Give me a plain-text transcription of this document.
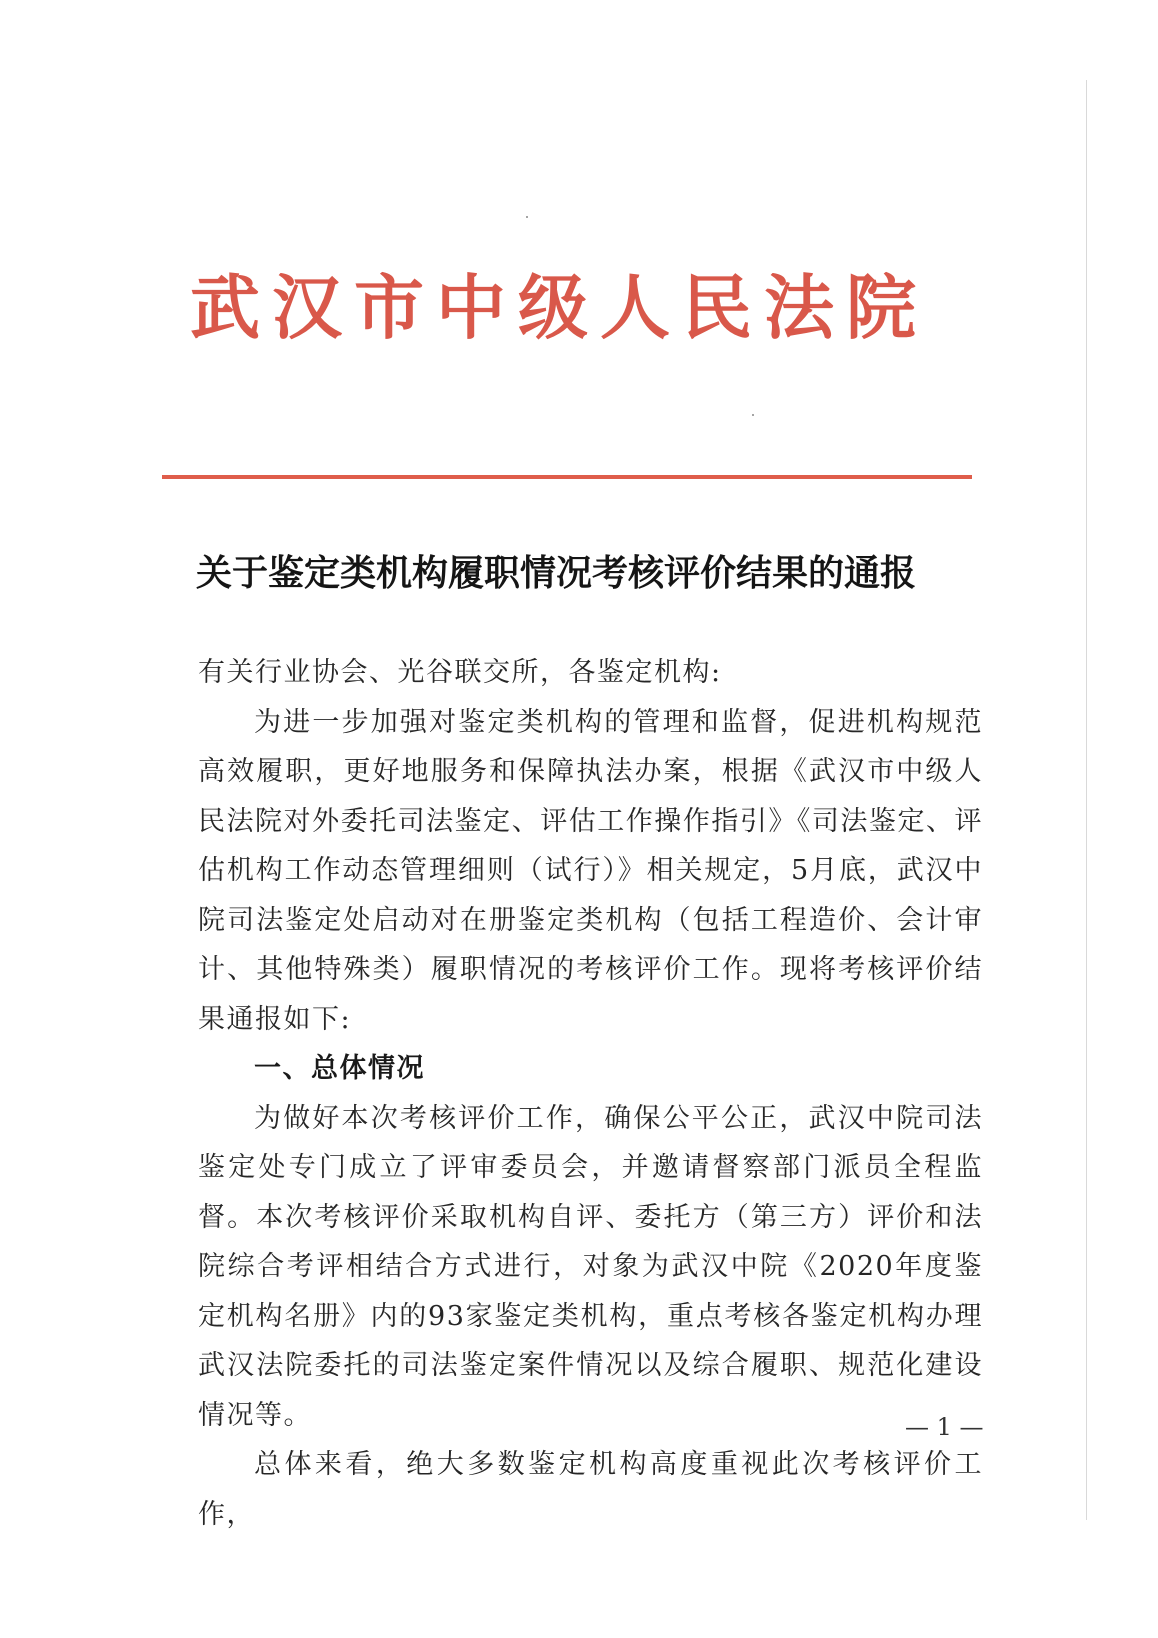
武汉市中级人民法院
关于鉴定类机构履职情况考核评价结果的通报

有关行业协会、光谷联交所，各鉴定机构:

为进一步加强对鉴定类机构的管理和监督，促进机构规范高效履职，更好地服务和保障执法办案，根据《武汉市中级人民法院对外委托司法鉴定、评估工作操作指引》《司法鉴定、评估机构工作动态管理细则（试行）》相关规定，5月底，武汉中院司法鉴定处启动对在册鉴定类机构（包括工程造价、会计审计、其他特殊类）履职情况的考核评价工作。现将考核评价结果通报如下:

一、总体情况

为做好本次考核评价工作，确保公平公正，武汉中院司法鉴定处专门成立了评审委员会，并邀请督察部门派员全程监督。本次考核评价采取机构自评、委托方（第三方）评价和法院综合考评相结合方式进行，对象为武汉中院《2020年度鉴定机构名册》内的93家鉴定类机构，重点考核各鉴定机构办理武汉法院委托的司法鉴定案件情况以及综合履职、规范化建设情况等。

总体来看，绝大多数鉴定机构高度重视此次考核评价工作，

— 1 —
